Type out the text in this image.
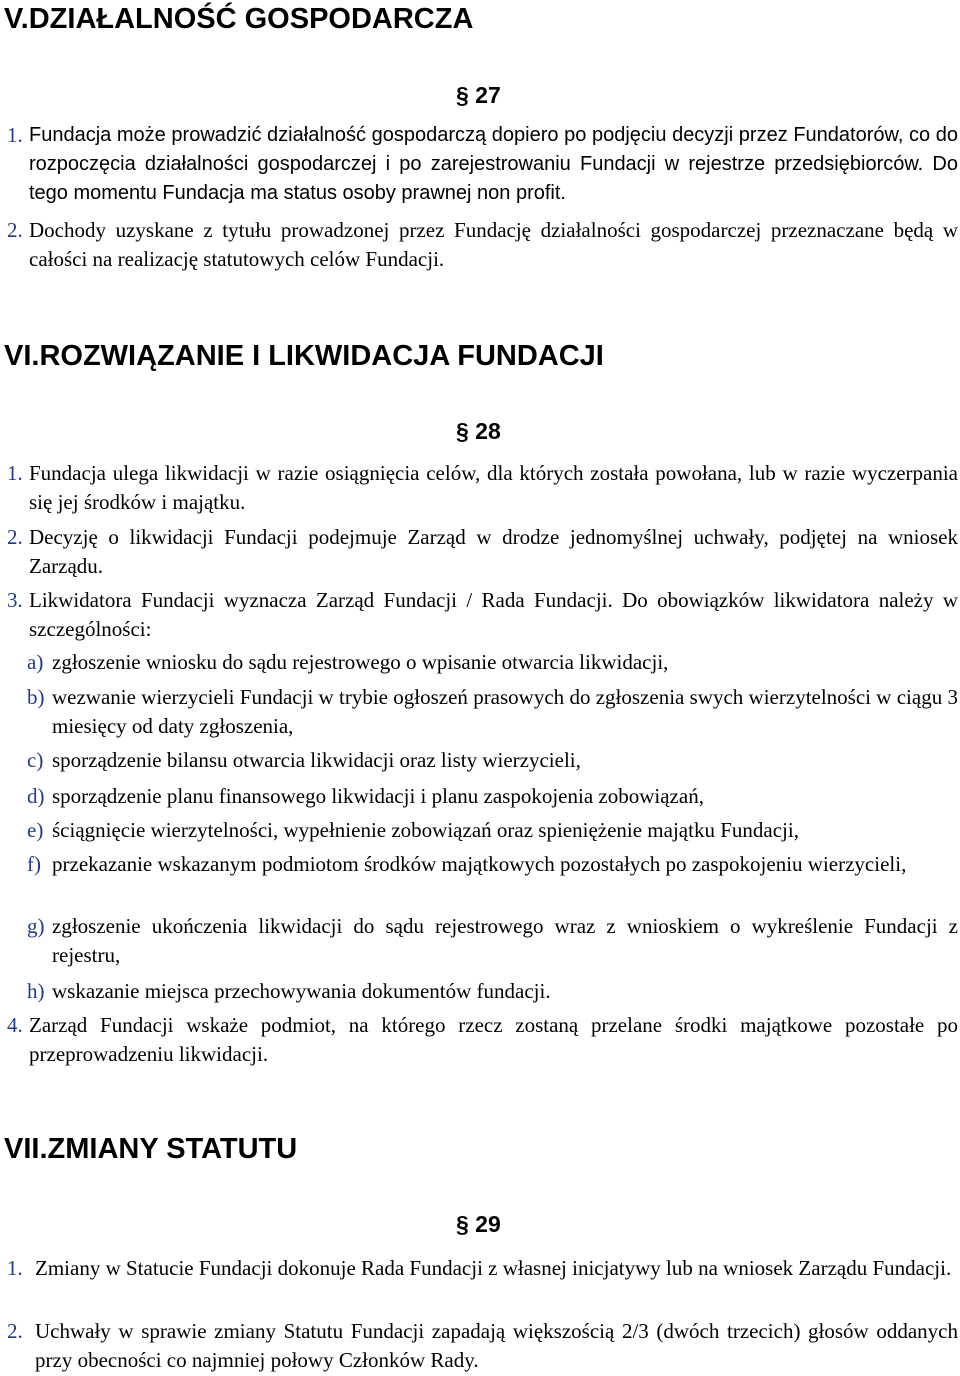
V.DZIAŁALNOŚĆ GOSPODARCZA
§ 27
1. Fundacja może prowadzić działalność gospodarczą dopiero po podjęciu decyzji przez Fundatorów, co do rozpoczęcia działalności gospodarczej i po zarejestrowaniu Fundacji w rejestrze przedsiębiorców. Do tego momentu Fundacja ma status osoby prawnej non profit.
2. Dochody uzyskane z tytułu prowadzonej przez Fundację działalności gospodarczej przeznaczane będą w całości na realizację statutowych celów Fundacji.
VI.ROZWIĄZANIE I LIKWIDACJA FUNDACJI
§ 28
1. Fundacja ulega likwidacji w razie osiągnięcia celów, dla których została powołana, lub w razie wyczerpania się jej środków i majątku.
2. Decyzję o likwidacji Fundacji podejmuje Zarząd w drodze jednomyślnej uchwały, podjętej na wniosek Zarządu.
3. Likwidatora Fundacji wyznacza Zarząd Fundacji / Rada Fundacji. Do obowiązków likwidatora należy w szczególności:
a) zgłoszenie wniosku do sądu rejestrowego o wpisanie otwarcia likwidacji,
b) wezwanie wierzycieli Fundacji w trybie ogłoszeń prasowych do zgłoszenia swych wierzytelności w ciągu 3 miesięcy od daty zgłoszenia,
c) sporządzenie bilansu otwarcia likwidacji oraz listy wierzycieli,
d) sporządzenie planu finansowego likwidacji i planu zaspokojenia zobowiązań,
e) ściągnięcie wierzytelności, wypełnienie zobowiązań oraz spieniężenie majątku Fundacji,
f) przekazanie wskazanym podmiotom środków majątkowych pozostałych po zaspokojeniu wierzycieli,
g) zgłoszenie ukończenia likwidacji do sądu rejestrowego wraz z wnioskiem o wykreślenie Fundacji z rejestru,
h) wskazanie miejsca przechowywania dokumentów fundacji.
4. Zarząd Fundacji wskaże podmiot, na którego rzecz zostaną przelane środki majątkowe pozostałe po przeprowadzeniu likwidacji.
VII.ZMIANY STATUTU
§ 29
1. Zmiany w Statucie Fundacji dokonuje Rada Fundacji z własnej inicjatywy lub na wniosek Zarządu Fundacji.
2. Uchwały w sprawie zmiany Statutu Fundacji zapadają większością 2/3 (dwóch trzecich) głosów oddanych przy obecności co najmniej połowy Członków Rady.
